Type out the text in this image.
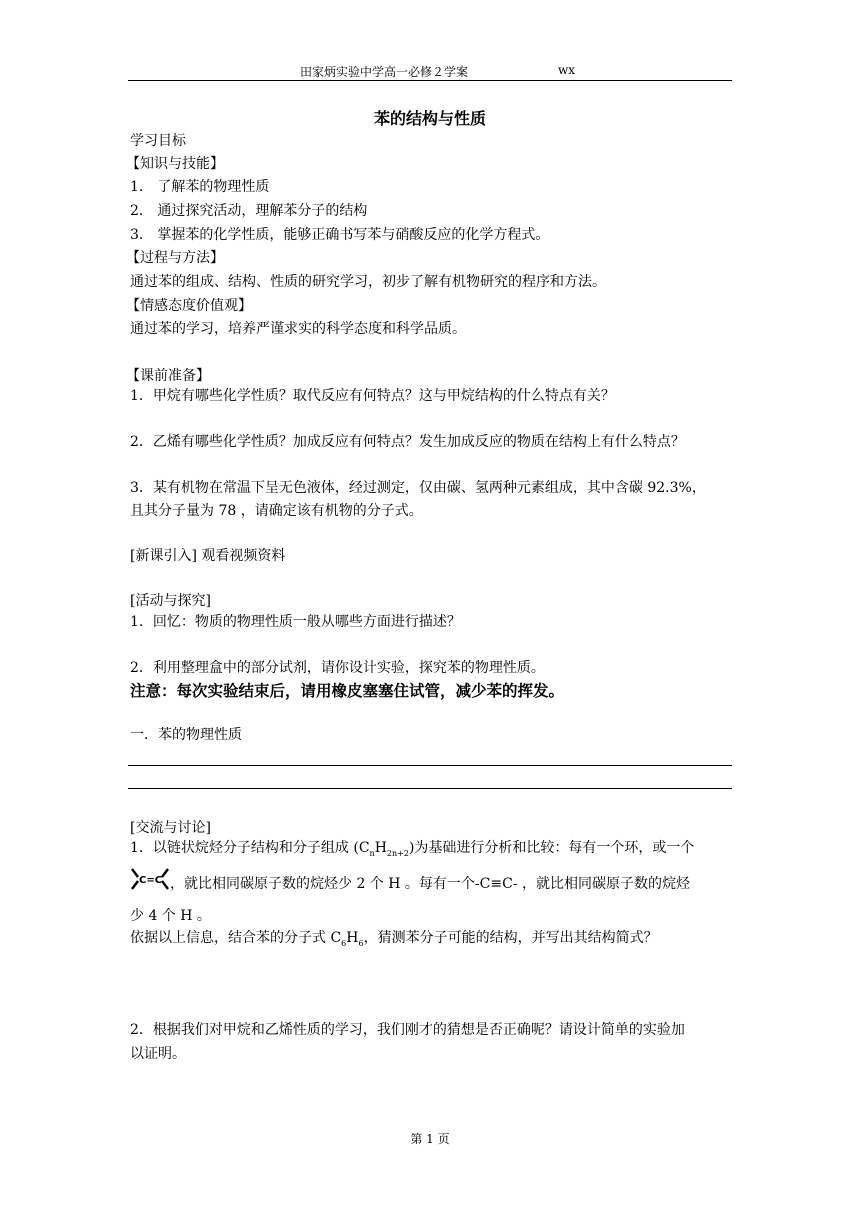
田家炳实验中学高一必修２学案	wx
苯的结构与性质
学习目标
【知识与技能】
1． 了解苯的物理性质
2． 通过探究活动，理解苯分子的结构
3． 掌握苯的化学性质，能够正确书写苯与硝酸反应的化学方程式。
【过程与方法】
通过苯的组成、结构、性质的研究学习，初步了解有机物研究的程序和方法。
【情感态度价值观】
通过苯的学习，培养严谨求实的科学态度和科学品质。
【课前准备】
1．甲烷有哪些化学性质？取代反应有何特点？这与甲烷结构的什么特点有关？
2．乙烯有哪些化学性质？加成反应有何特点？发生加成反应的物质在结构上有什么特点？
3．某有机物在常温下呈无色液体，经过测定，仅由碳、氢两种元素组成，其中含碳 92.3%，
且其分子量为 78 ，请确定该有机物的分子式。
[新课引入] 观看视频资料
[活动与探究]
1．回忆：物质的物理性质一般从哪些方面进行描述？
2．利用整理盒中的部分试剂，请你设计实验，探究苯的物理性质。
注意：每次实验结束后，请用橡皮塞塞住试管，减少苯的挥发。
一．苯的物理性质
[交流与讨论]
1．以链状烷烃分子结构和分子组成 $(C_nH_{2n+2})$为基础进行分析和比较：每有一个环，或一个
C=C ，就比相同碳原子数的烷烃少 2 个 H 。每有一个-C≡C- ，就比相同碳原子数的烷烃
少 4 个 H 。
依据以上信息，结合苯的分子式 $C_6H_6$，猜测苯分子可能的结构，并写出其结构简式？
2．根据我们对甲烷和乙烯性质的学习，我们刚才的猜想是否正确呢？请设计简单的实验加
以证明。
第 1 页
